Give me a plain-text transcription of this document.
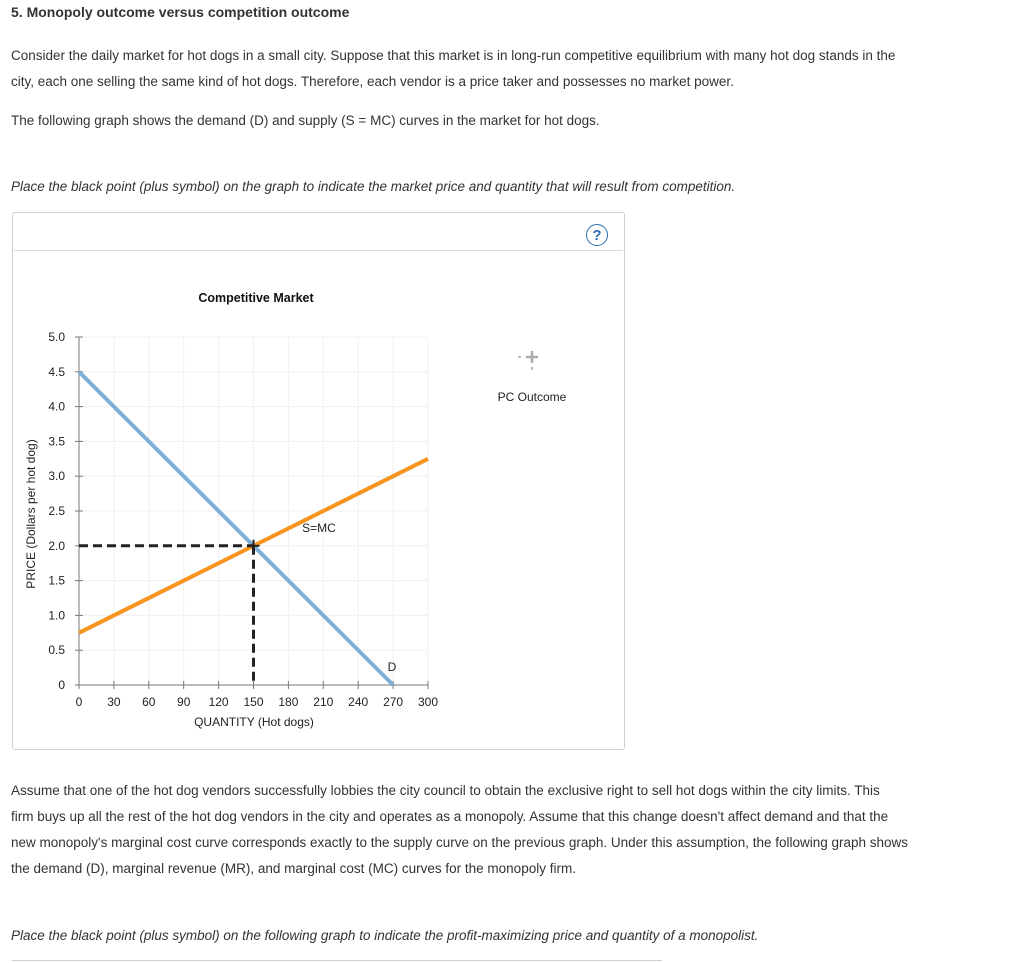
5. Monopoly outcome versus competition outcome

Consider the daily market for hot dogs in a small city. Suppose that this market is in long-run competitive equilibrium with many hot dog stands in the
city, each one selling the same kind of hot dogs. Therefore, each vendor is a price taker and possesses no market power.

The following graph shows the demand (D) and supply (S = MC) curves in the market for hot dogs.

Place the black point (plus symbol) on the graph to indicate the market price and quantity that will result from competition.
?
Competitive Market
0
0.5
1.0
1.5
2.0
2.5
3.0
3.5
4.0
4.5
5.0
0 30 60 90 120 150 180 210 240 270 300
PRICE (Dollars per hot dog)
QUANTITY (Hot dogs)
S=MC
D
PC Outcome

Assume that one of the hot dog vendors successfully lobbies the city council to obtain the exclusive right to sell hot dogs within the city limits. This
firm buys up all the rest of the hot dog vendors in the city and operates as a monopoly. Assume that this change doesn't affect demand and that the
new monopoly's marginal cost curve corresponds exactly to the supply curve on the previous graph. Under this assumption, the following graph shows
the demand (D), marginal revenue (MR), and marginal cost (MC) curves for the monopoly firm.

Place the black point (plus symbol) on the following graph to indicate the profit-maximizing price and quantity of a monopolist.
